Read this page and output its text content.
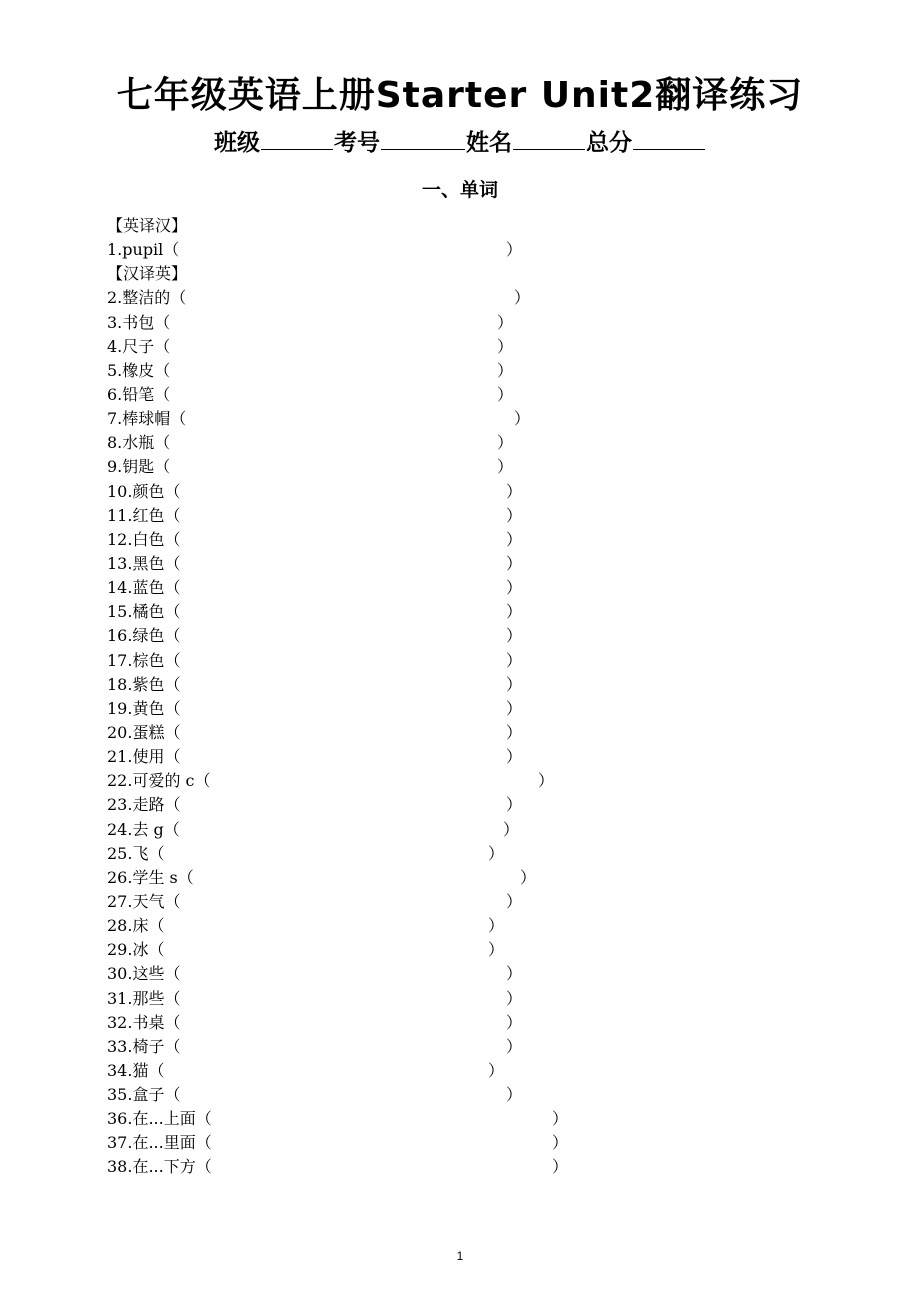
七年级英语上册Starter Unit2翻译练习
班级	考号	姓名	总分
一、单词
【英译汉】
1.pupil（	）
【汉译英】
2.整洁的（	）
3.书包（	）
4.尺子（	）
5.橡皮（	）
6.铅笔（	）
7.棒球帽（	）
8.水瓶（	）
9.钥匙（	）
10.颜色（	）
11.红色（	）
12.白色（	）
13.黑色（	）
14.蓝色（	）
15.橘色（	）
16.绿色（	）
17.棕色（	）
18.紫色（	）
19.黄色（	）
20.蛋糕（	）
21.使用（	）
22.可爱的 c（	）
23.走路（	）
24.去 g（	）
25.飞（	）
26.学生 s（	）
27.天气（	）
28.床（	）
29.冰（	）
30.这些（	）
31.那些（	）
32.书桌（	）
33.椅子（	）
34.猫（	）
35.盒子（	）
36.在...上面（	）
37.在...里面（	）
38.在...下方（	）
1
